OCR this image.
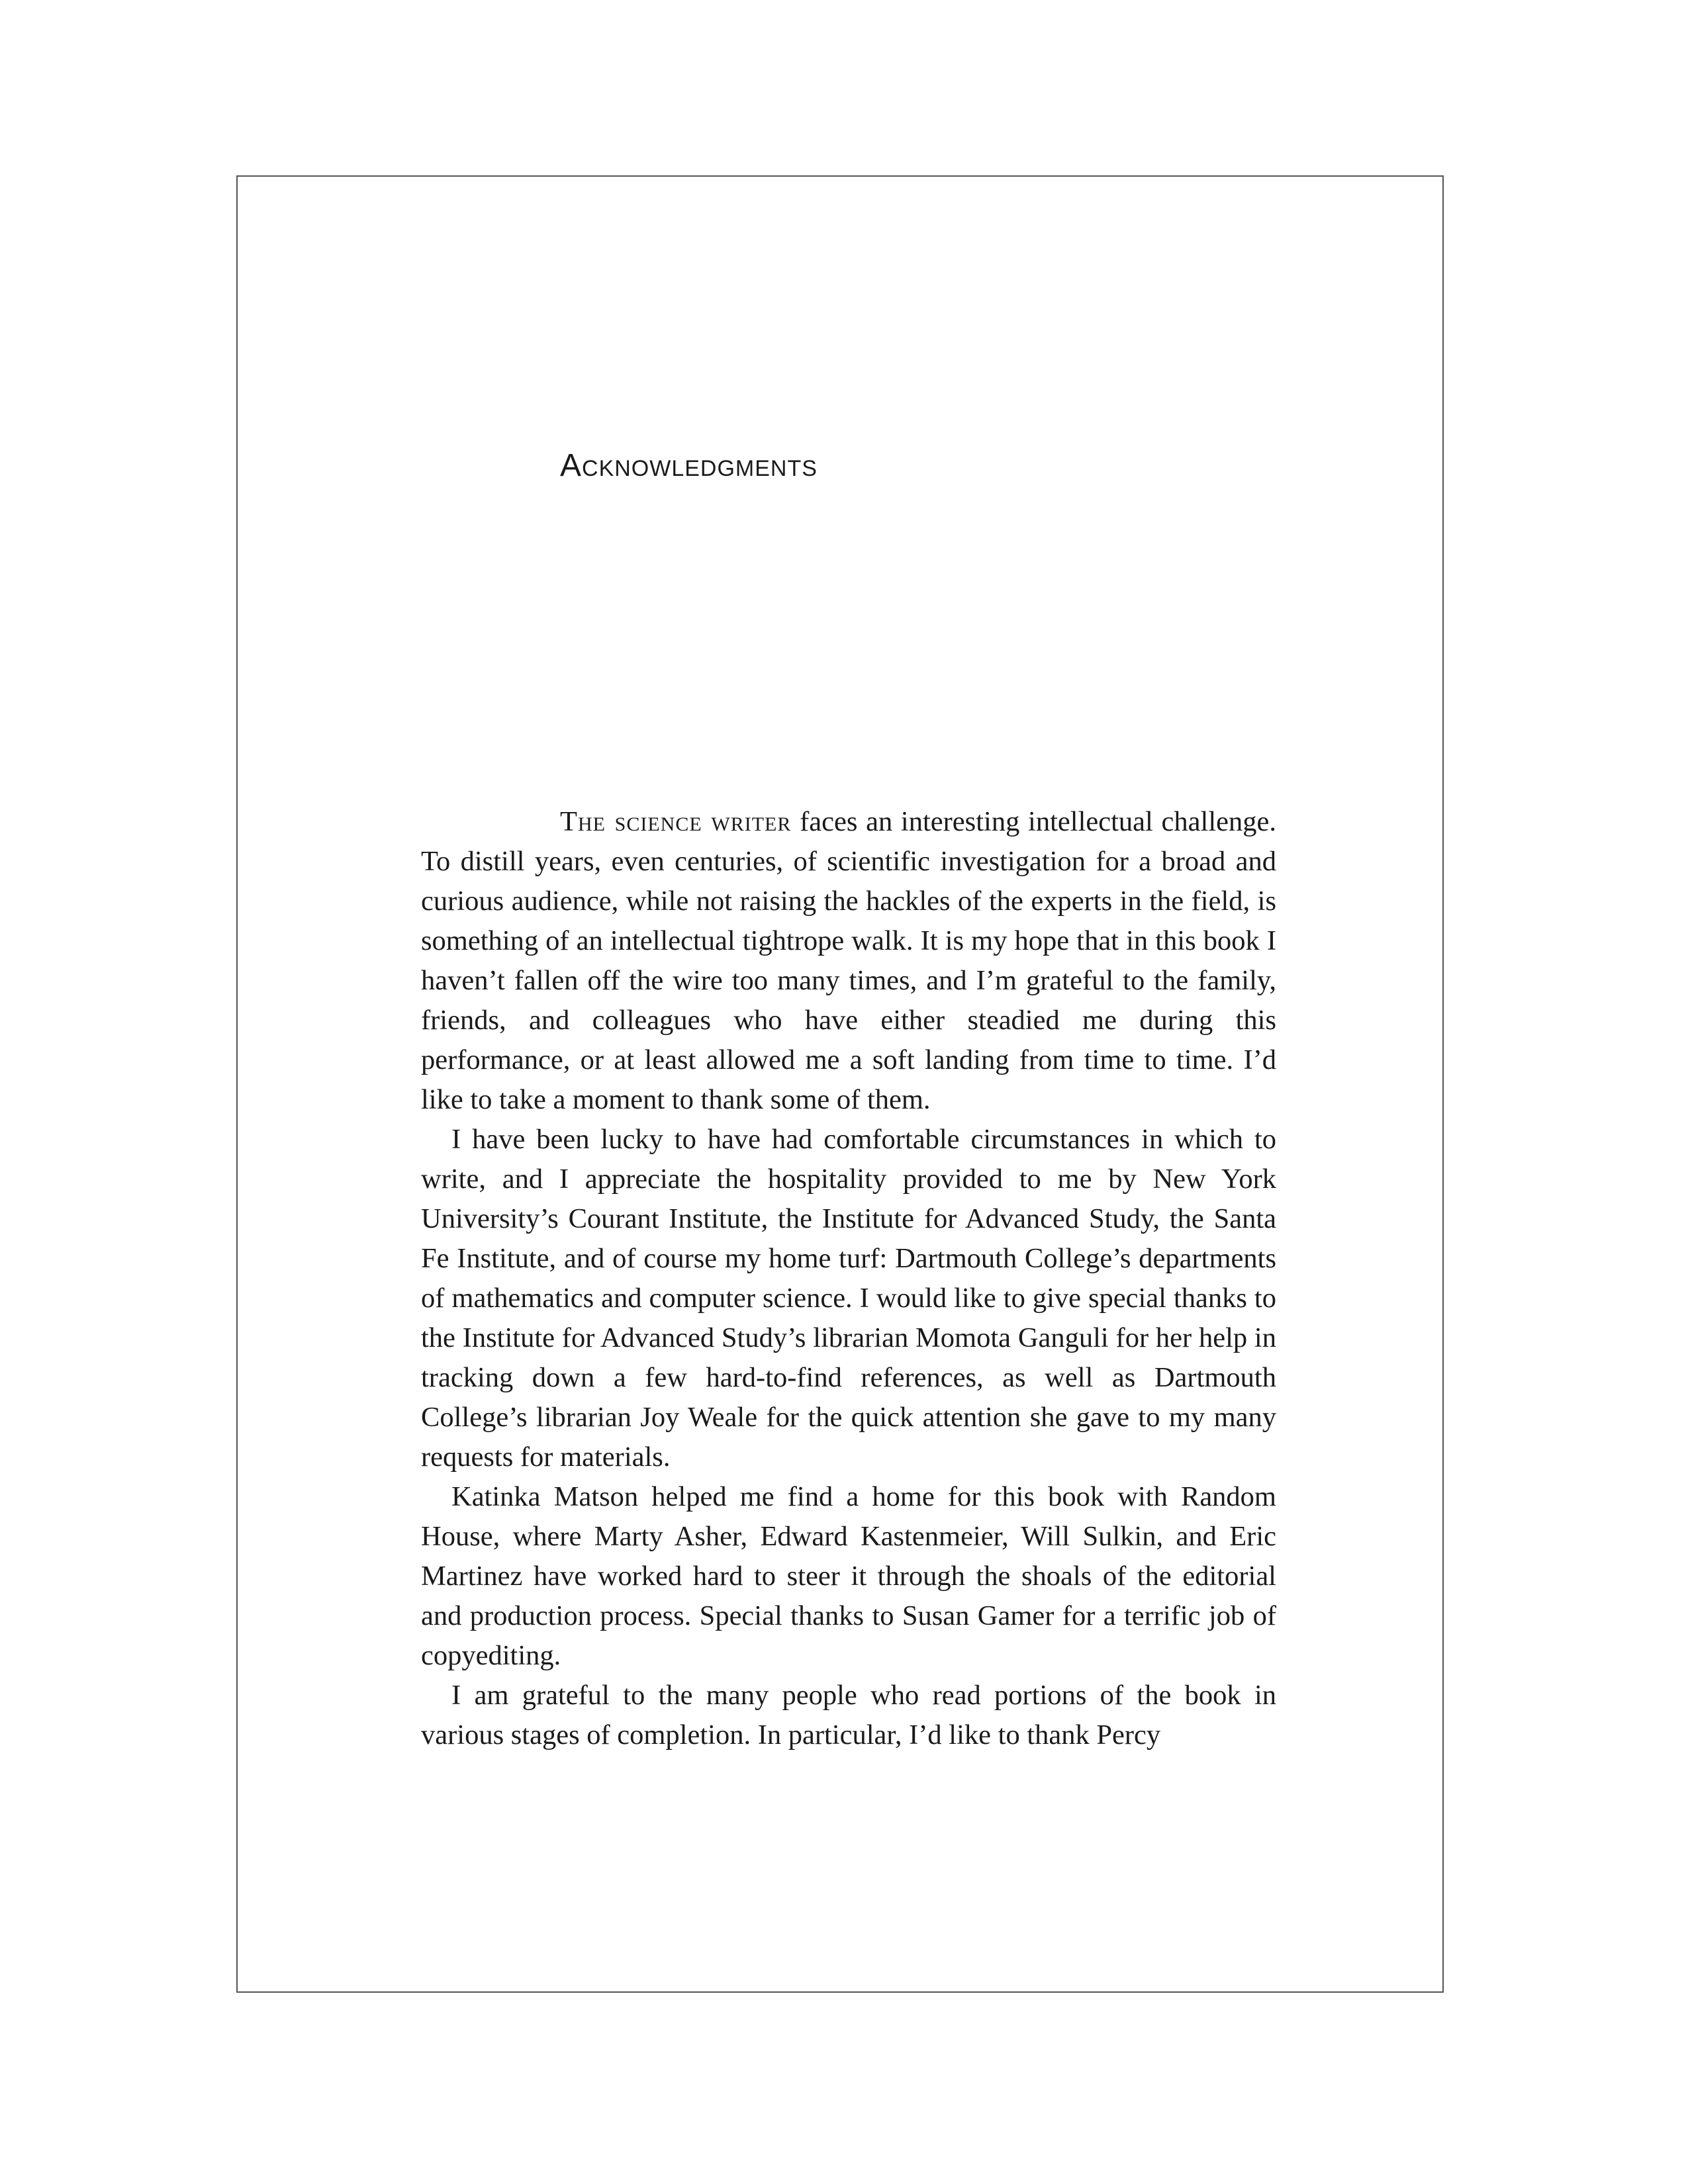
Acknowledgments

The science writer faces an interesting intellectual challenge. To distill years, even centuries, of scientific investigation for a broad and curious audience, while not raising the hackles of the experts in the field, is something of an intellectual tightrope walk. It is my hope that in this book I haven’t fallen off the wire too many times, and I’m grateful to the family, friends, and colleagues who have either steadied me during this performance, or at least allowed me a soft landing from time to time. I’d like to take a moment to thank some of them.

I have been lucky to have had comfortable circumstances in which to write, and I appreciate the hospitality provided to me by New York University’s Courant Institute, the Institute for Advanced Study, the Santa Fe Institute, and of course my home turf: Dartmouth College’s departments of mathematics and computer science. I would like to give special thanks to the Institute for Advanced Study’s librarian Momota Ganguli for her help in tracking down a few hard-to-find references, as well as Dartmouth College’s librarian Joy Weale for the quick attention she gave to my many requests for materials.

Katinka Matson helped me find a home for this book with Random House, where Marty Asher, Edward Kastenmeier, Will Sulkin, and Eric Martinez have worked hard to steer it through the shoals of the editorial and production process. Special thanks to Susan Gamer for a terrific job of copyediting.

I am grateful to the many people who read portions of the book in various stages of completion. In particular, I’d like to thank Percy
